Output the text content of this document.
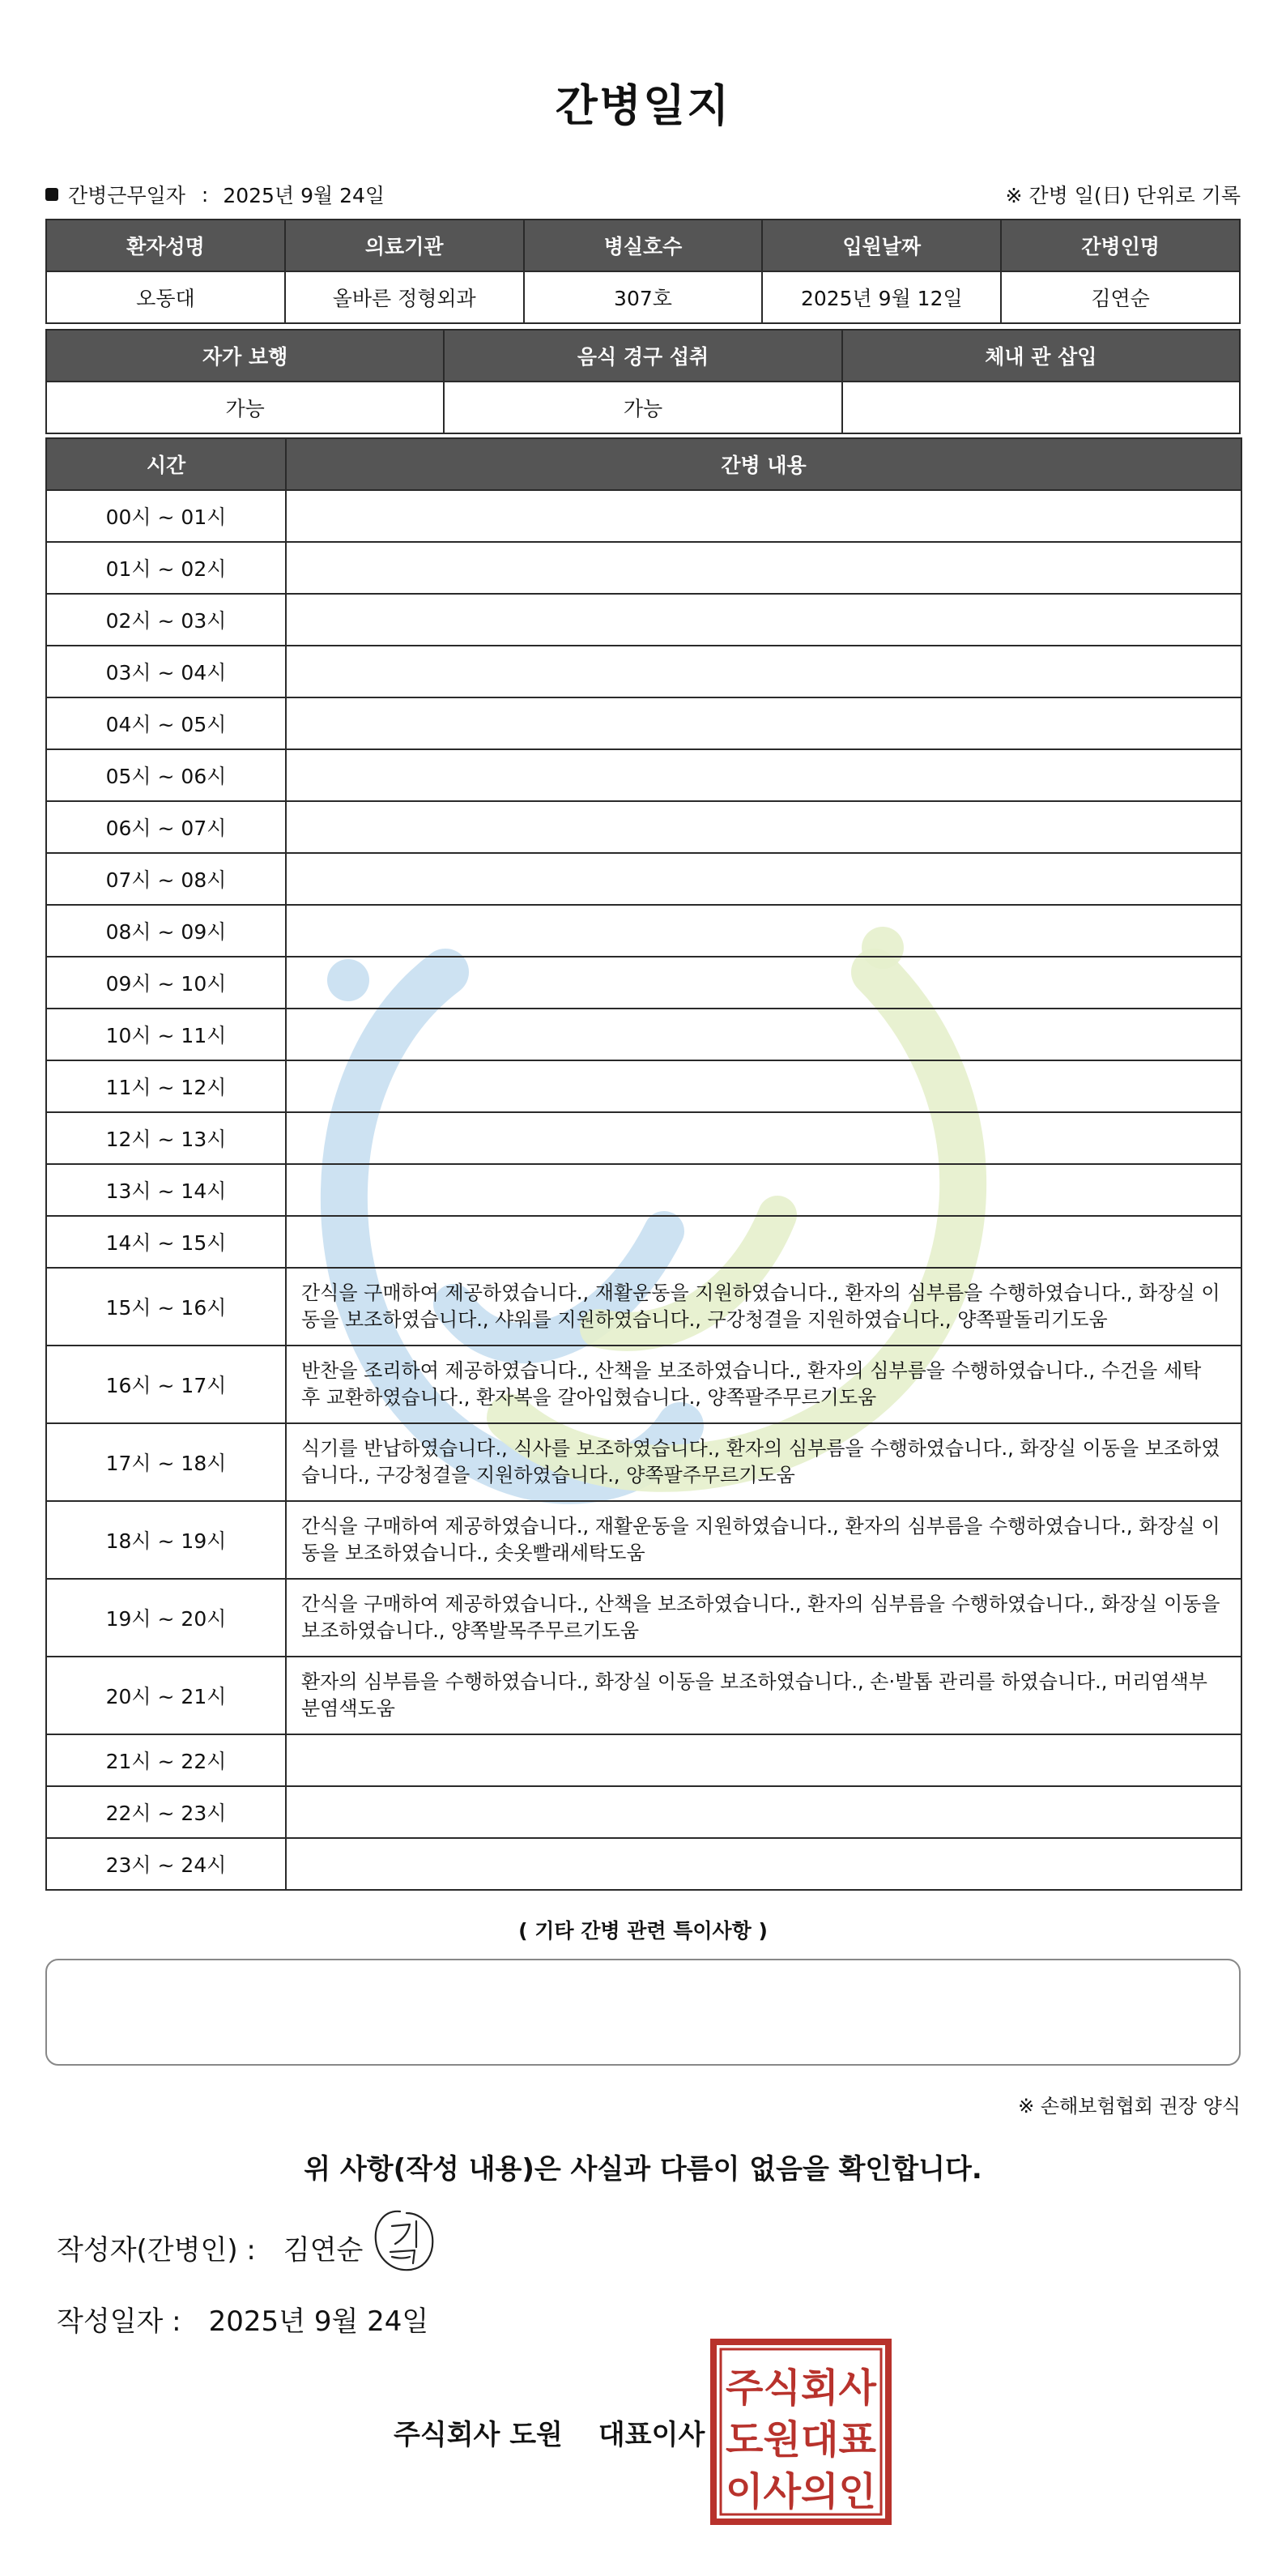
간병일지
간병근무일자 : 2025년 9월 24일	※ 간병 일(日) 단위로 기록
환자성명	의료기관	병실호수	입원날짜	간병인명
오동대	올바른 정형외과	307호	2025년 9월 12일	김연순
자가 보행	음식 경구 섭취	체내 관 삽입
가능	가능	
시간	간병 내용
00시 ~ 01시	
01시 ~ 02시	
02시 ~ 03시	
03시 ~ 04시	
04시 ~ 05시	
05시 ~ 06시	
06시 ~ 07시	
07시 ~ 08시	
08시 ~ 09시	
09시 ~ 10시	
10시 ~ 11시	
11시 ~ 12시	
12시 ~ 13시	
13시 ~ 14시	
14시 ~ 15시	
15시 ~ 16시	간식을 구매하여 제공하였습니다., 재활운동을 지원하였습니다., 환자의 심부름을 수행하였습니다., 화장실 이동을 보조하였습니다., 샤워를 지원하였습니다., 구강청결을 지원하였습니다., 양쪽팔돌리기도움
16시 ~ 17시	반찬을 조리하여 제공하였습니다., 산책을 보조하였습니다., 환자의 심부름을 수행하였습니다., 수건을 세탁 후 교환하였습니다., 환자복을 갈아입혔습니다., 양쪽팔주무르기도움
17시 ~ 18시	식기를 반납하였습니다., 식사를 보조하였습니다., 환자의 심부름을 수행하였습니다., 화장실 이동을 보조하였습니다., 구강청결을 지원하였습니다., 양쪽팔주무르기도움
18시 ~ 19시	간식을 구매하여 제공하였습니다., 재활운동을 지원하였습니다., 환자의 심부름을 수행하였습니다., 화장실 이동을 보조하였습니다., 솟옷빨래세탁도움
19시 ~ 20시	간식을 구매하여 제공하였습니다., 산책을 보조하였습니다., 환자의 심부름을 수행하였습니다., 화장실 이동을 보조하였습니다., 양쪽발목주무르기도움
20시 ~ 21시	환자의 심부름을 수행하였습니다., 화장실 이동을 보조하였습니다., 손·발톱 관리를 하였습니다., 머리염색부분염색도움
21시 ~ 22시	
22시 ~ 23시	
23시 ~ 24시	
( 기타 간병 관련 특이사항 )
※ 손해보험협회 권장 양식
위 사항(작성 내용)은 사실과 다름이 없음을 확인합니다.
작성자(간병인) : 김연순
작성일자 : 2025년 9월 24일
주식회사 도원 대표이사
주식회사
도원대표
이사의인
